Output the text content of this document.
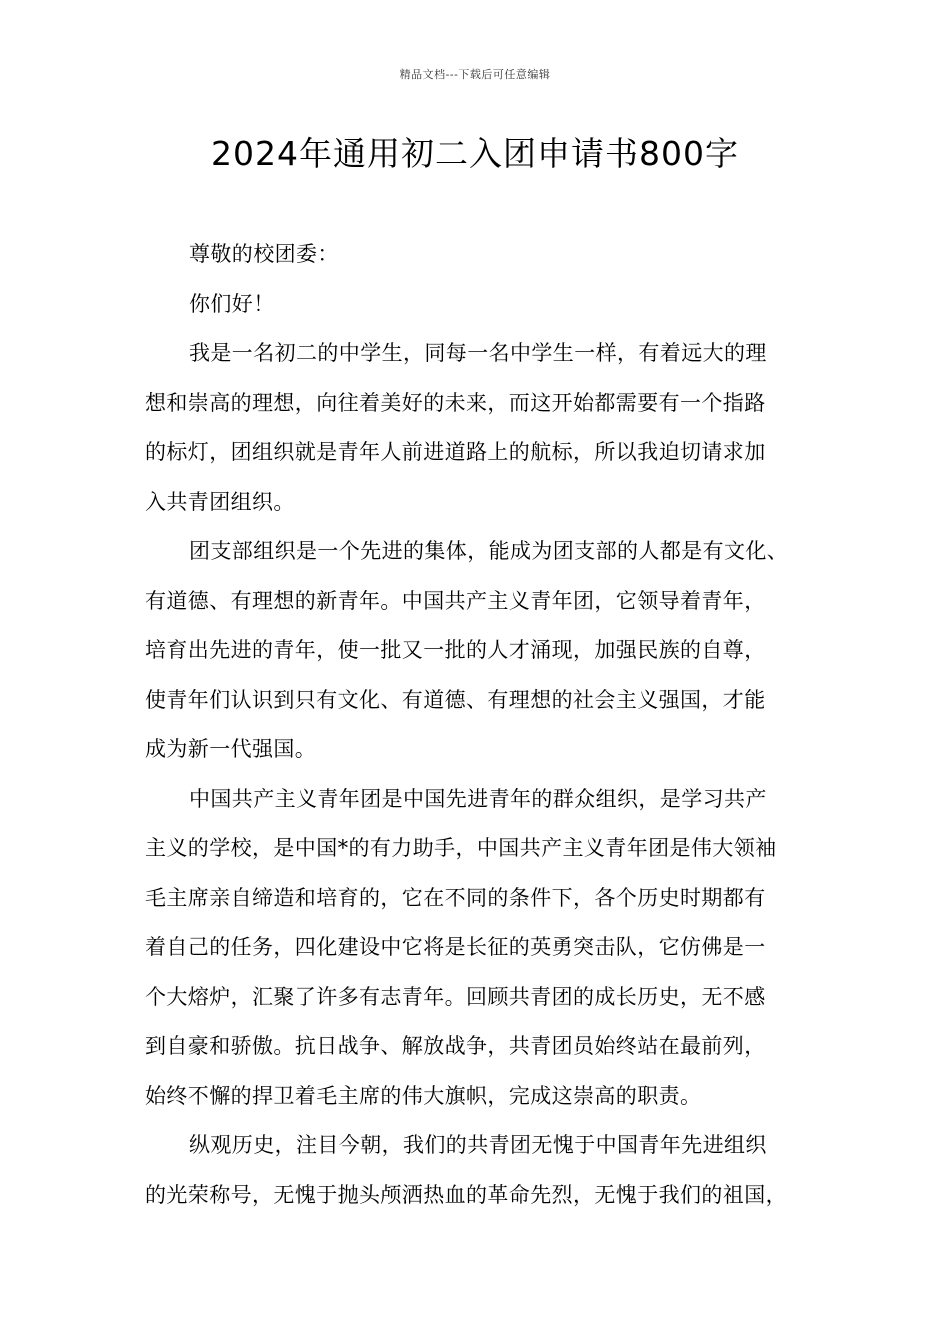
精品文档---下载后可任意编辑
2024年通用初二入团申请书800字
尊敬的校团委：
你们好！
我是一名初二的中学生，同每一名中学生一样，有着远大的理
想和崇高的理想，向往着美好的未来，而这开始都需要有一个指路
的标灯，团组织就是青年人前进道路上的航标，所以我迫切请求加
入共青团组织。
团支部组织是一个先进的集体，能成为团支部的人都是有文化、
有道德、有理想的新青年。中国共产主义青年团，它领导着青年，
培育出先进的青年，使一批又一批的人才涌现，加强民族的自尊，
使青年们认识到只有文化、有道德、有理想的社会主义强国，才能
成为新一代强国。
中国共产主义青年团是中国先进青年的群众组织，是学习共产
主义的学校，是中国*的有力助手，中国共产主义青年团是伟大领袖
毛主席亲自缔造和培育的，它在不同的条件下，各个历史时期都有
着自己的任务，四化建设中它将是长征的英勇突击队，它仿佛是一
个大熔炉，汇聚了许多有志青年。回顾共青团的成长历史，无不感
到自豪和骄傲。抗日战争、解放战争，共青团员始终站在最前列，
始终不懈的捍卫着毛主席的伟大旗帜，完成这崇高的职责。
纵观历史，注目今朝，我们的共青团无愧于中国青年先进组织
的光荣称号，无愧于抛头颅洒热血的革命先烈，无愧于我们的祖国，
